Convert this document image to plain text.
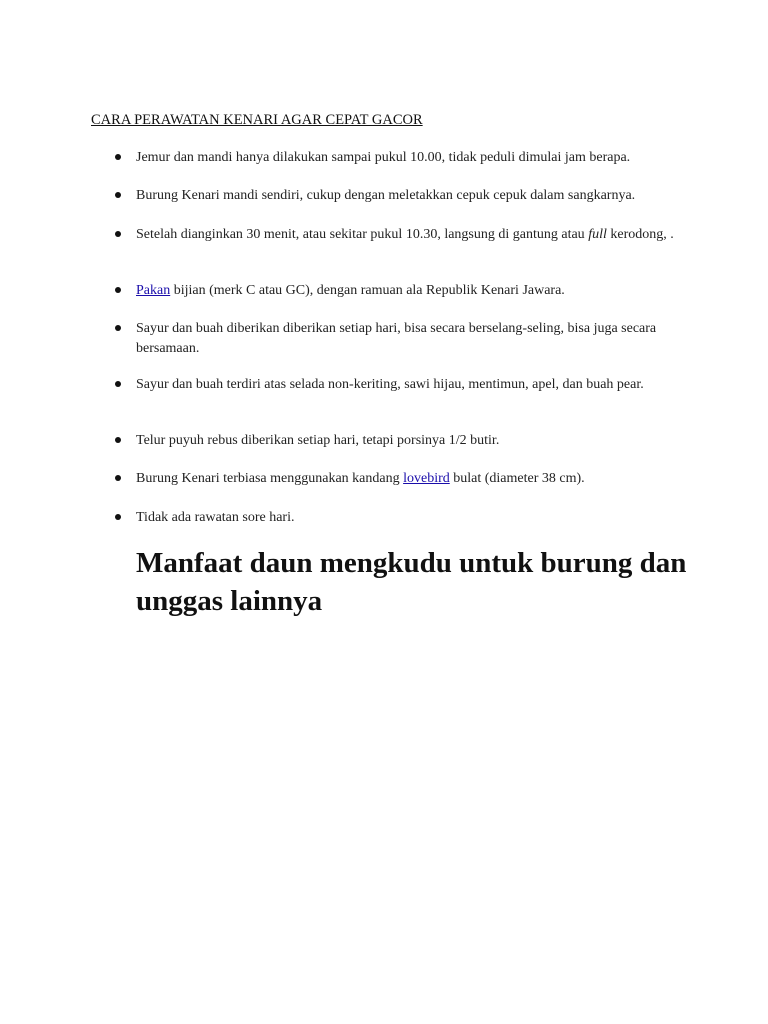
CARA PERAWATAN KENARI AGAR CEPAT GACOR
Jemur dan mandi hanya dilakukan sampai pukul 10.00, tidak peduli dimulai jam berapa.
Burung Kenari mandi sendiri, cukup dengan meletakkan cepuk cepuk dalam sangkarnya.
Setelah dianginkan 30 menit, atau sekitar pukul 10.30, langsung di gantung atau full kerodong, .
Pakan bijian (merk C atau GC), dengan ramuan ala Republik Kenari Jawara.
Sayur dan buah diberikan diberikan setiap hari, bisa secara berselang-seling, bisa juga secara bersamaan.
Sayur dan buah terdiri atas selada non-keriting, sawi hijau, mentimun, apel, dan buah pear.
Telur puyuh rebus diberikan setiap hari, tetapi porsinya 1/2 butir.
Burung Kenari terbiasa menggunakan kandang lovebird bulat (diameter 38 cm).
Tidak ada rawatan sore hari.
Manfaat daun mengkudu untuk burung dan unggas lainnya
